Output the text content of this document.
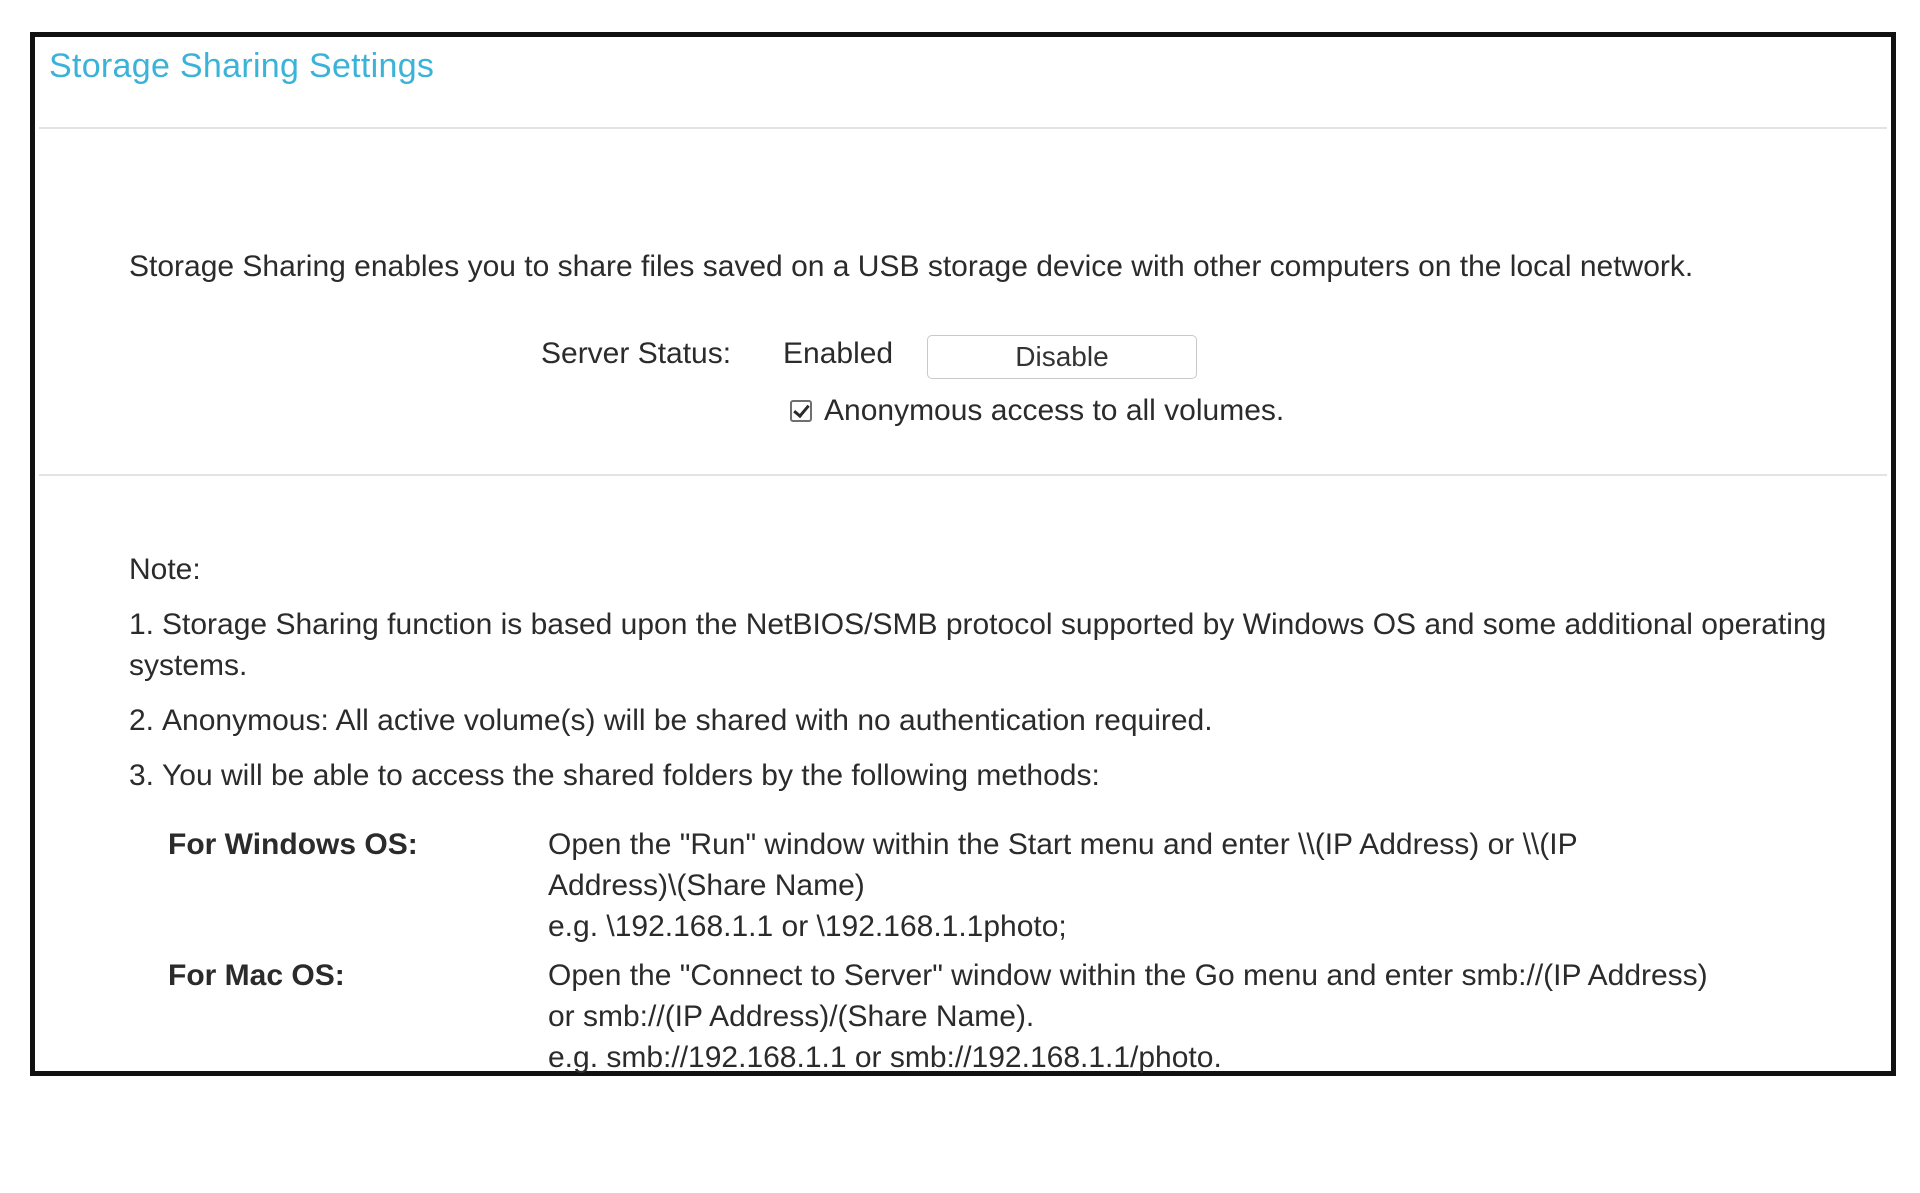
Storage Sharing Settings
Storage Sharing enables you to share files saved on a USB storage device with other computers on the local network.
Server Status: Enabled	Disable
Anonymous access to all volumes.
Note:
1. Storage Sharing function is based upon the NetBIOS/SMB protocol supported by Windows OS and some additional operating systems.
2. Anonymous: All active volume(s) will be shared with no authentication required.
3. You will be able to access the shared folders by the following methods:
For Windows OS:	Open the "Run" window within the Start menu and enter \\(IP Address) or \\(IP Address)\(Share Name)
e.g. \192.168.1.1 or \192.168.1.1photo;
For Mac OS:	Open the "Connect to Server" window within the Go menu and enter smb://(IP Address) or smb://(IP Address)/(Share Name).
e.g. smb://192.168.1.1 or smb://192.168.1.1/photo.
